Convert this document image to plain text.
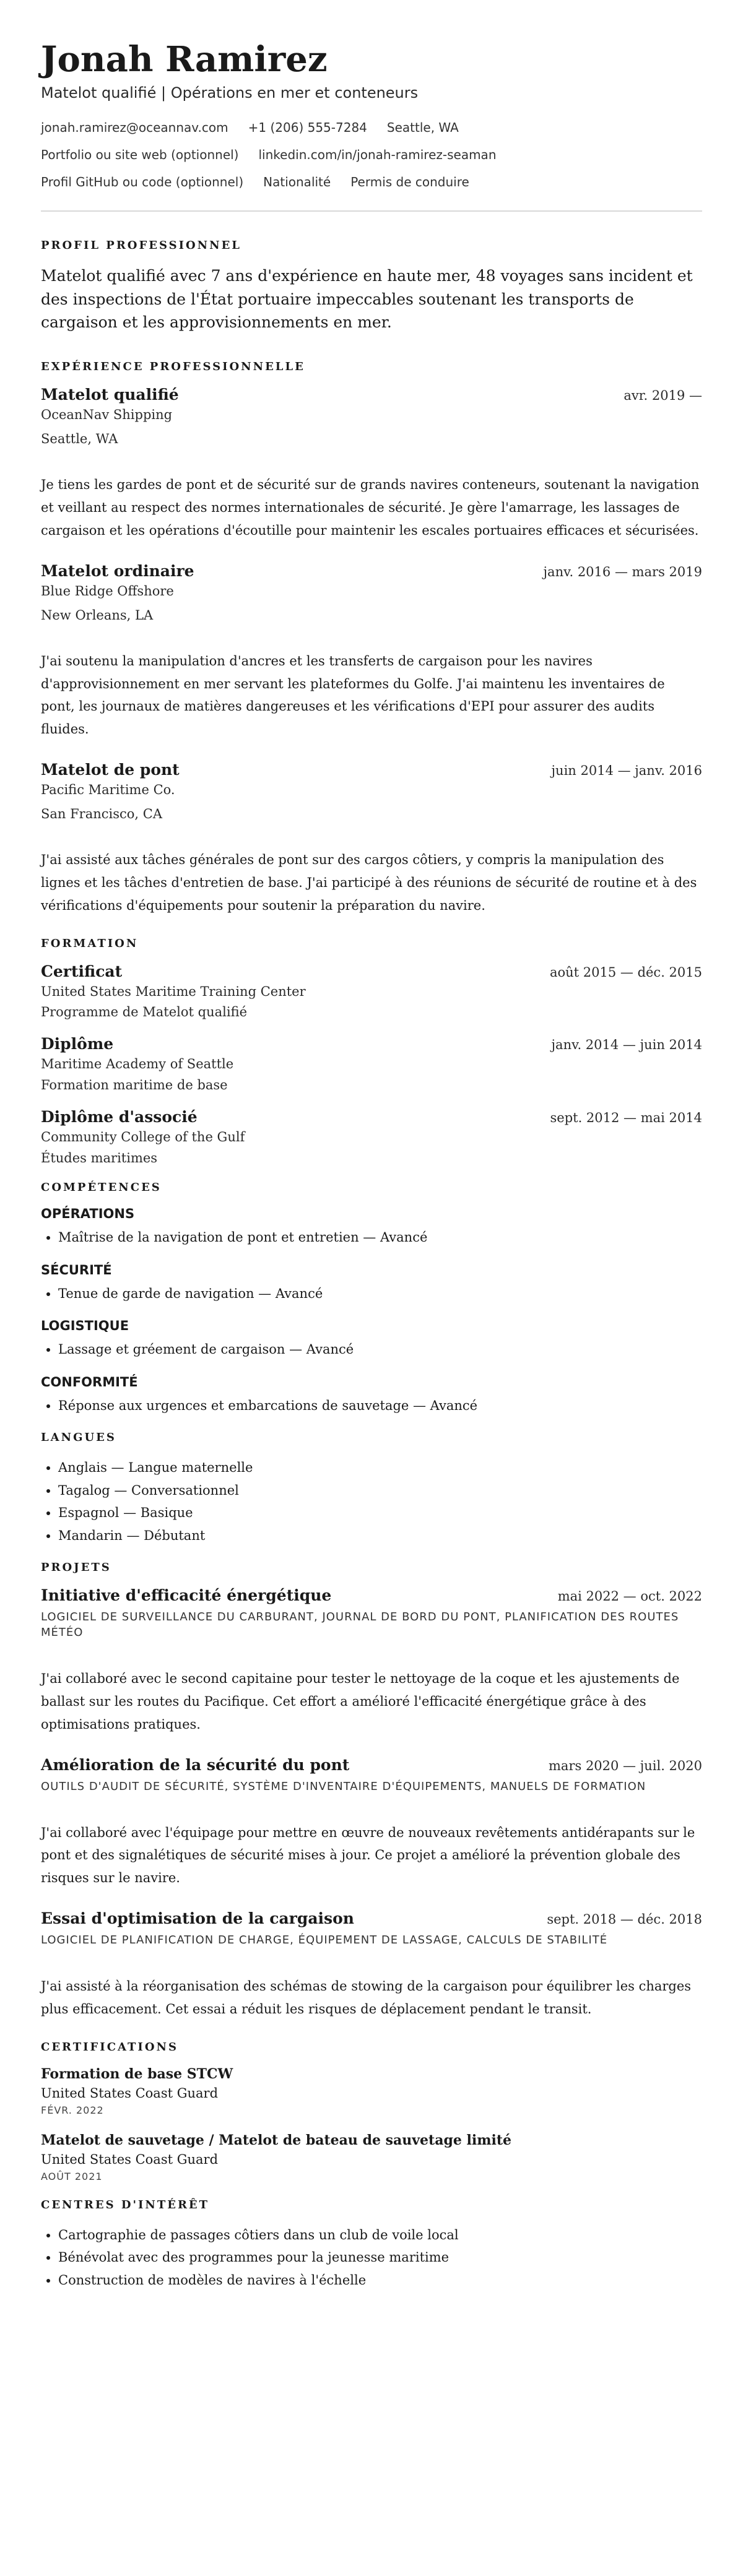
Jonah Ramirez
Matelot qualifié | Opérations en mer et conteneurs
jonah.ramirez@oceannav.com +1 (206) 555-7284 Seattle, WA
Portfolio ou site web (optionnel) linkedin.com/in/jonah-ramirez-seaman
Profil GitHub ou code (optionnel) Nationalité Permis de conduire
PROFIL PROFESSIONNEL

Matelot qualifié avec 7 ans d'expérience en haute mer, 48 voyages sans incident et des inspections de l'État portuaire impeccables soutenant les transports de cargaison et les approvisionnements en mer.

EXPÉRIENCE PROFESSIONNELLE
Matelot qualifié	avr. 2019 —
OceanNav Shipping
Seattle, WA
Je tiens les gardes de pont et de sécurité sur de grands navires conteneurs, soutenant la navigation et veillant au respect des normes internationales de sécurité. Je gère l'amarrage, les lassages de cargaison et les opérations d'écoutille pour maintenir les escales portuaires efficaces et sécurisées.
Matelot ordinaire	janv. 2016 — mars 2019
Blue Ridge Offshore
New Orleans, LA
J'ai soutenu la manipulation d'ancres et les transferts de cargaison pour les navires d'approvisionnement en mer servant les plateformes du Golfe. J'ai maintenu les inventaires de pont, les journaux de matières dangereuses et les vérifications d'EPI pour assurer des audits fluides.
Matelot de pont	juin 2014 — janv. 2016
Pacific Maritime Co.
San Francisco, CA
J'ai assisté aux tâches générales de pont sur des cargos côtiers, y compris la manipulation des lignes et les tâches d'entretien de base. J'ai participé à des réunions de sécurité de routine et à des vérifications d'équipements pour soutenir la préparation du navire.
FORMATION
Certificat	août 2015 — déc. 2015
United States Maritime Training Center
Programme de Matelot qualifié
Diplôme	janv. 2014 — juin 2014
Maritime Academy of Seattle
Formation maritime de base
Diplôme d'associé	sept. 2012 — mai 2014
Community College of the Gulf
Études maritimes
COMPÉTENCES
OPÉRATIONS
• Maîtrise de la navigation de pont et entretien — Avancé
SÉCURITÉ
• Tenue de garde de navigation — Avancé
LOGISTIQUE
• Lassage et gréement de cargaison — Avancé
CONFORMITÉ
• Réponse aux urgences et embarcations de sauvetage — Avancé
LANGUES
• Anglais — Langue maternelle
• Tagalog — Conversationnel
• Espagnol — Basique
• Mandarin — Débutant
PROJETS
Initiative d'efficacité énergétique	mai 2022 — oct. 2022
LOGICIEL DE SURVEILLANCE DU CARBURANT, JOURNAL DE BORD DU PONT, PLANIFICATION DES ROUTES MÉTÉO
J'ai collaboré avec le second capitaine pour tester le nettoyage de la coque et les ajustements de ballast sur les routes du Pacifique. Cet effort a amélioré l'efficacité énergétique grâce à des optimisations pratiques.
Amélioration de la sécurité du pont	mars 2020 — juil. 2020
OUTILS D'AUDIT DE SÉCURITÉ, SYSTÈME D'INVENTAIRE D'ÉQUIPEMENTS, MANUELS DE FORMATION
J'ai collaboré avec l'équipage pour mettre en œuvre de nouveaux revêtements antidérapants sur le pont et des signalétiques de sécurité mises à jour. Ce projet a amélioré la prévention globale des risques sur le navire.
Essai d'optimisation de la cargaison	sept. 2018 — déc. 2018
LOGICIEL DE PLANIFICATION DE CHARGE, ÉQUIPEMENT DE LASSAGE, CALCULS DE STABILITÉ
J'ai assisté à la réorganisation des schémas de stowing de la cargaison pour équilibrer les charges plus efficacement. Cet essai a réduit les risques de déplacement pendant le transit.
CERTIFICATIONS
Formation de base STCW
United States Coast Guard
FÉVR. 2022
Matelot de sauvetage / Matelot de bateau de sauvetage limité
United States Coast Guard
AOÛT 2021
CENTRES D'INTÉRÊT
• Cartographie de passages côtiers dans un club de voile local
• Bénévolat avec des programmes pour la jeunesse maritime
• Construction de modèles de navires à l'échelle
